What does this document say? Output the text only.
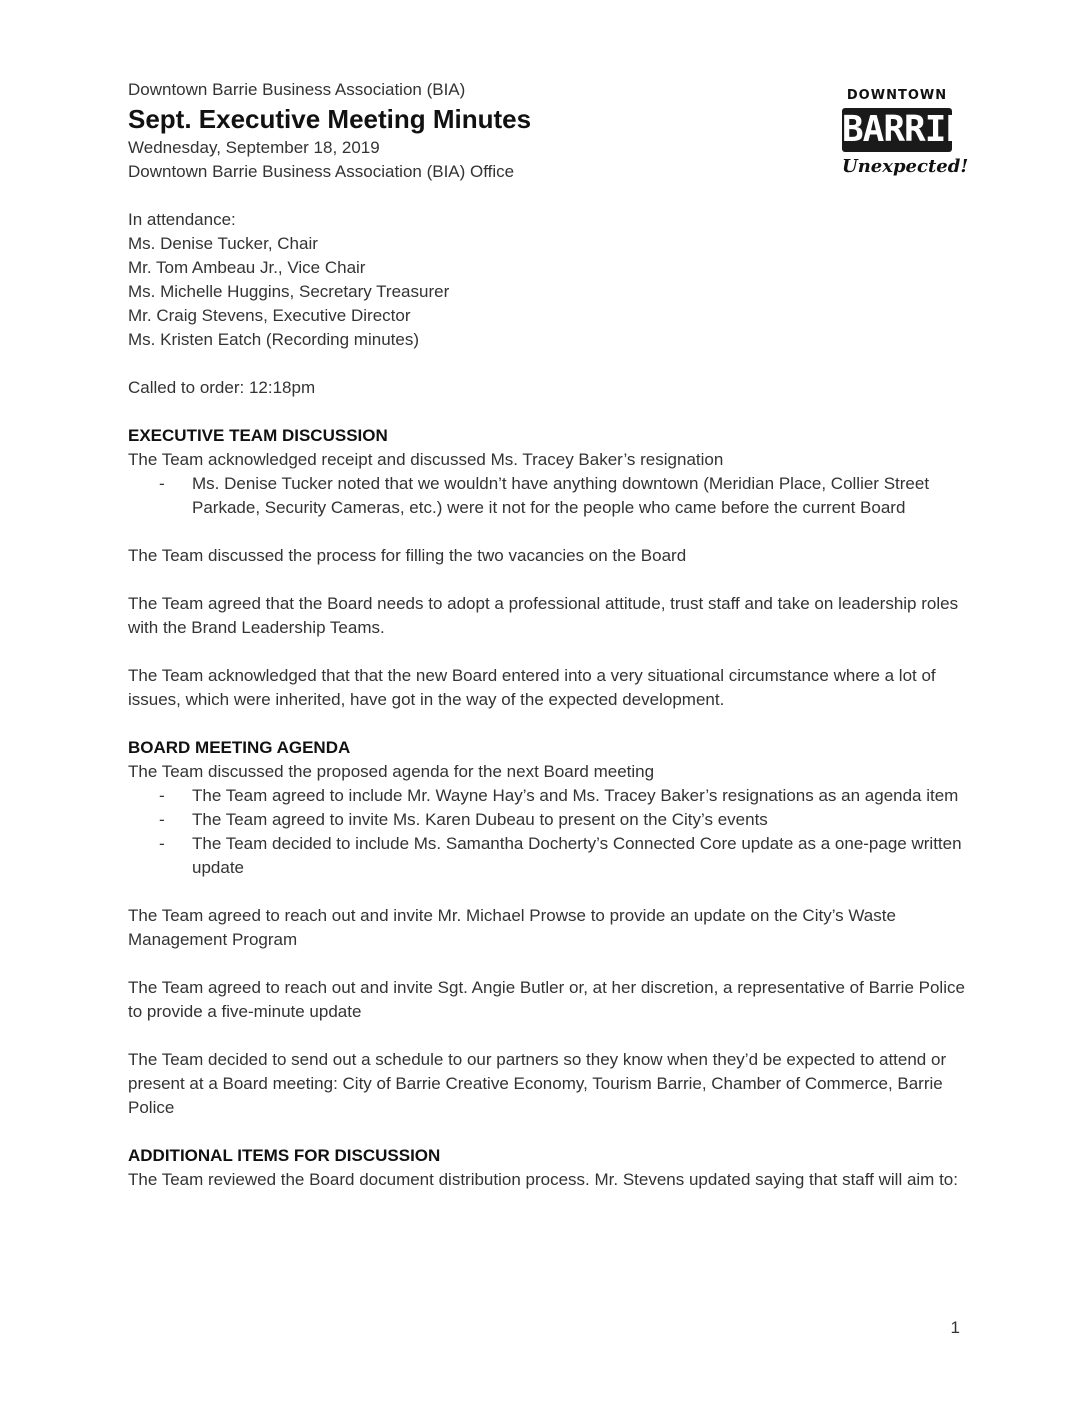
DOWNTOWN
BARRIE
Unexpected!

Downtown Barrie Business Association (BIA)

Sept. Executive Meeting Minutes

Wednesday, September 18, 2019

Downtown Barrie Business Association (BIA) Office

In attendance:

Ms. Denise Tucker, Chair

Mr. Tom Ambeau Jr., Vice Chair

Ms. Michelle Huggins, Secretary Treasurer

Mr. Craig Stevens, Executive Director

Ms. Kristen Eatch (Recording minutes)

Called to order: 12:18pm

EXECUTIVE TEAM DISCUSSION

The Team acknowledged receipt and discussed Ms. Tracey Baker’s resignation

- Ms. Denise Tucker noted that we wouldn’t have anything downtown (Meridian Place, Collier Street Parkade, Security Cameras, etc.) were it not for the people who came before the current Board

The Team discussed the process for filling the two vacancies on the Board

The Team agreed that the Board needs to adopt a professional attitude, trust staff and take on leadership roles with the Brand Leadership Teams.

The Team acknowledged that that the new Board entered into a very situational circumstance where a lot of issues, which were inherited, have got in the way of the expected development.

BOARD MEETING AGENDA

The Team discussed the proposed agenda for the next Board meeting

- The Team agreed to include Mr. Wayne Hay’s and Ms. Tracey Baker’s resignations as an agenda item
- The Team agreed to invite Ms. Karen Dubeau to present on the City’s events
- The Team decided to include Ms. Samantha Docherty’s Connected Core update as a one-page written update

The Team agreed to reach out and invite Mr. Michael Prowse to provide an update on the City’s Waste Management Program

The Team agreed to reach out and invite Sgt. Angie Butler or, at her discretion, a representative of Barrie Police to provide a five-minute update

The Team decided to send out a schedule to our partners so they know when they’d be expected to attend or present at a Board meeting: City of Barrie Creative Economy, Tourism Barrie, Chamber of Commerce, Barrie Police

ADDITIONAL ITEMS FOR DISCUSSION

The Team reviewed the Board document distribution process. Mr. Stevens updated saying that staff will aim to:

1
